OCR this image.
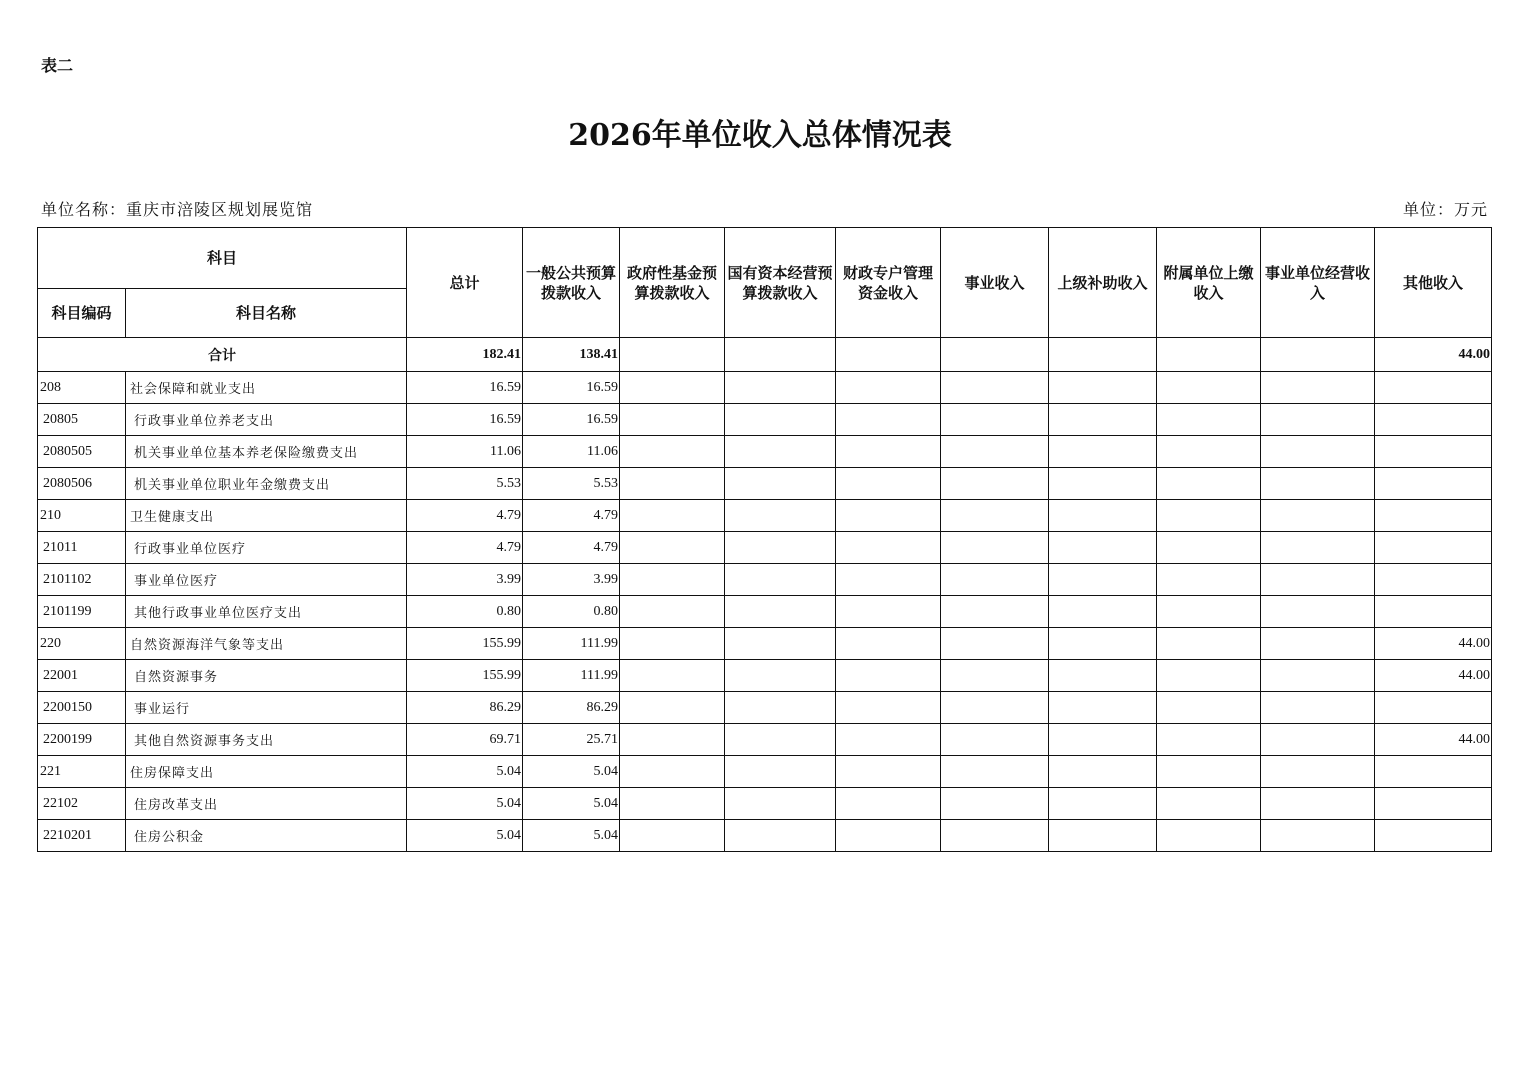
表二
2026年单位收入总体情况表
单位名称：重庆市涪陵区规划展览馆	单位：万元
科目		总计	一般公共预算拨款收入	政府性基金预算拨款收入	国有资本经营预算拨款收入	财政专户管理资金收入	事业收入	上级补助收入	附属单位上缴收入	事业单位经营收入	其他收入
科目编码	科目名称										
合计		182.41	138.41								44.00
208	社会保障和就业支出	16.59	16.59								
20805	行政事业单位养老支出	16.59	16.59								
2080505	机关事业单位基本养老保险缴费支出	11.06	11.06								
2080506	机关事业单位职业年金缴费支出	5.53	5.53								
210	卫生健康支出	4.79	4.79								
21011	行政事业单位医疗	4.79	4.79								
2101102	事业单位医疗	3.99	3.99								
2101199	其他行政事业单位医疗支出	0.80	0.80								
220	自然资源海洋气象等支出	155.99	111.99								44.00
22001	自然资源事务	155.99	111.99								44.00
2200150	事业运行	86.29	86.29								
2200199	其他自然资源事务支出	69.71	25.71								44.00
221	住房保障支出	5.04	5.04								
22102	住房改革支出	5.04	5.04								
2210201	住房公积金	5.04	5.04								
